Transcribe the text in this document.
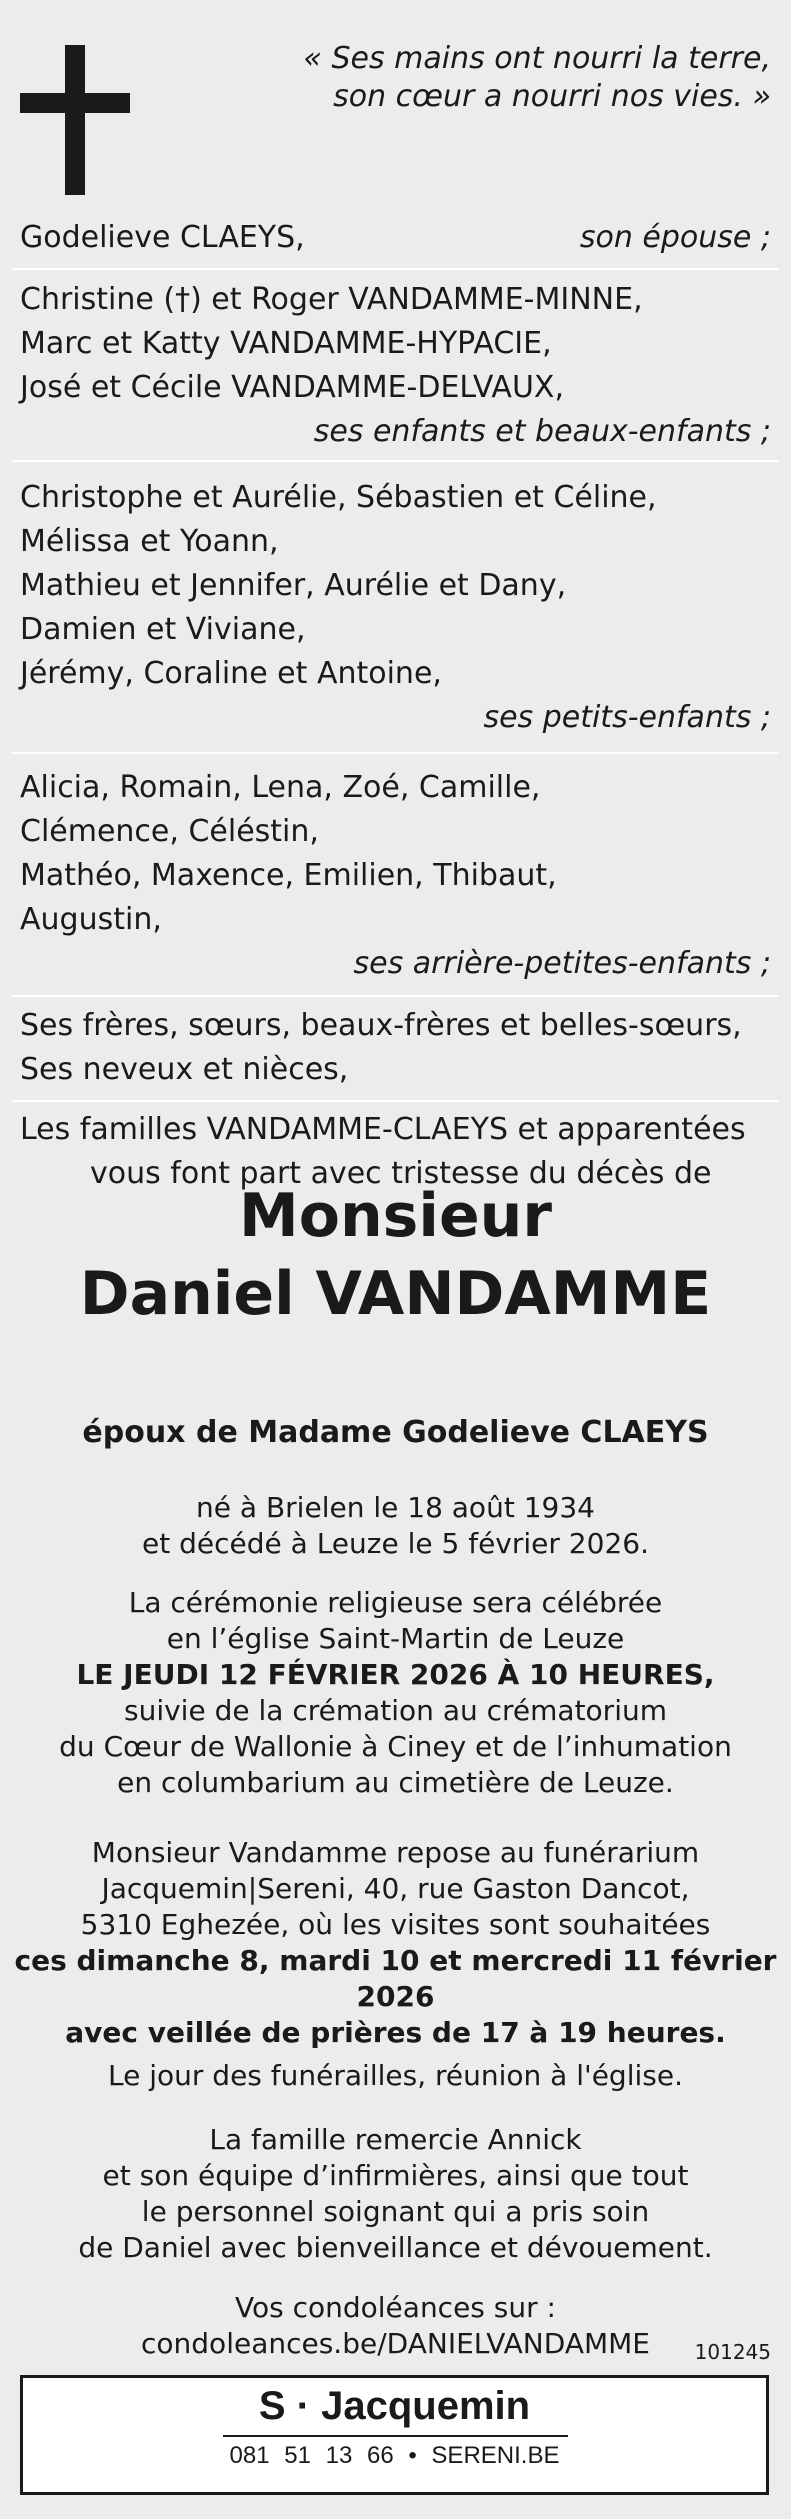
« Ses mains ont nourri la terre,
son cœur a nourri nos vies. »
Godelieve CLAEYS,	son épouse ;
Christine (†) et Roger VANDAMME-MINNE,
Marc et Katty VANDAMME-HYPACIE,
José et Cécile VANDAMME-DELVAUX,
ses enfants et beaux-enfants ;
Christophe et Aurélie, Sébastien et Céline,
Mélissa et Yoann,
Mathieu et Jennifer, Aurélie et Dany,
Damien et Viviane,
Jérémy, Coraline et Antoine,
ses petits-enfants ;
Alicia, Romain, Lena, Zoé, Camille,
Clémence, Céléstin,
Mathéo, Maxence, Emilien, Thibaut,
Augustin,
ses arrière-petites-enfants ;
Ses frères, sœurs, beaux-frères et belles-sœurs,
Ses neveux et nièces,
Les familles VANDAMME-CLAEYS et apparentées
vous font part avec tristesse du décès de
Monsieur
Daniel VANDAMME
époux de Madame Godelieve CLAEYS
né à Brielen le 18 août 1934
et décédé à Leuze le 5 février 2026.
La cérémonie religieuse sera célébrée
en l’église Saint-Martin de Leuze
LE JEUDI 12 FÉVRIER 2026 À 10 HEURES,
suivie de la crémation au crématorium
du Cœur de Wallonie à Ciney et de l’inhumation
en columbarium au cimetière de Leuze.
Monsieur Vandamme repose au funérarium
Jacquemin|Sereni, 40, rue Gaston Dancot,
5310 Eghezée, où les visites sont souhaitées
ces dimanche 8, mardi 10 et mercredi 11 février 2026
avec veillée de prières de 17 à 19 heures.
Le jour des funérailles, réunion à l'église.
La famille remercie Annick
et son équipe d’infirmières, ainsi que tout
le personnel soignant qui a pris soin
de Daniel avec bienveillance et dévouement.
Vos condoléances sur :
condoleances.be/DANIELVANDAMME	101245
S · Jacquemin
081 51 13 66 • SERENI.BE
